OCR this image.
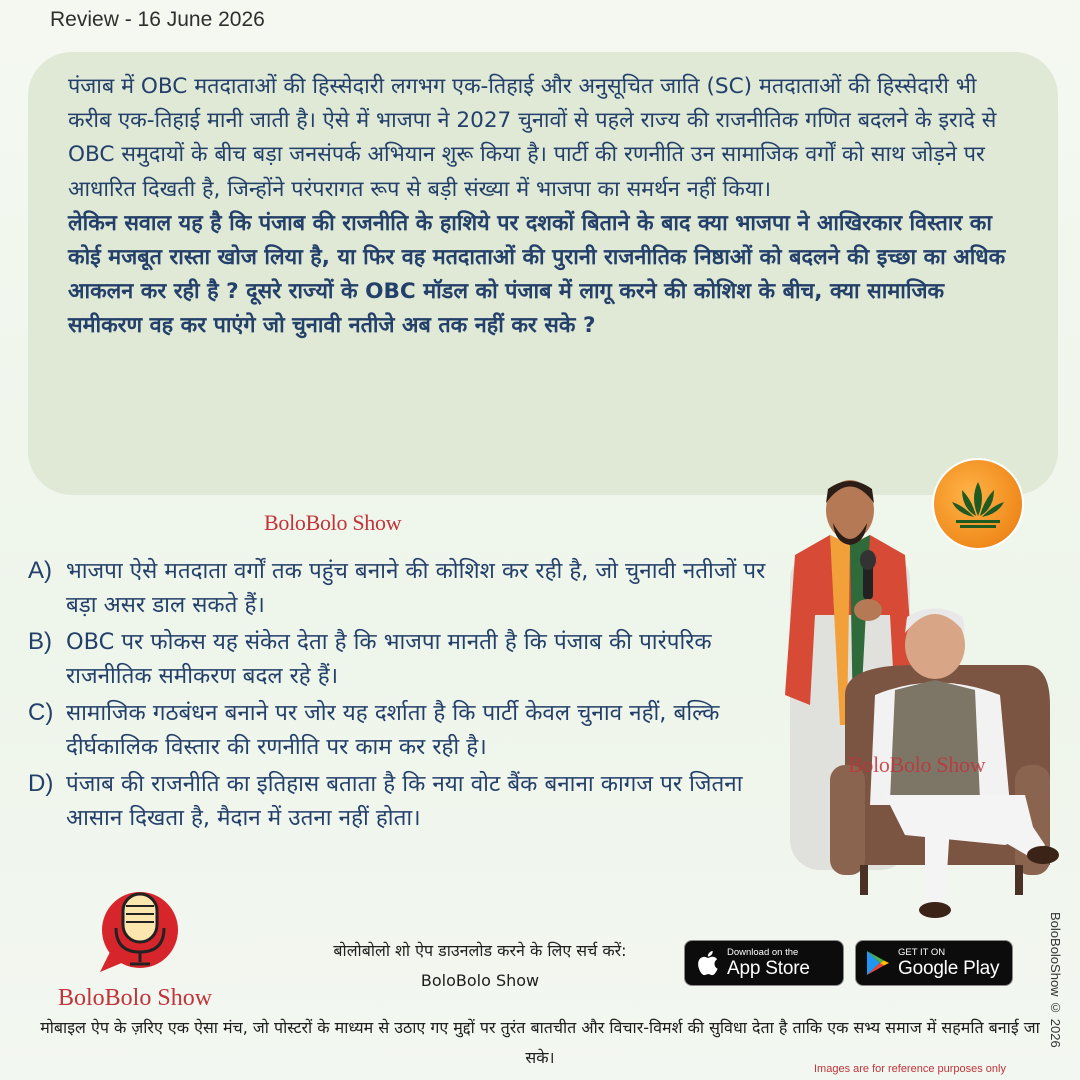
Review - 16 June 2026

पंजाब में OBC मतदाताओं की हिस्सेदारी लगभग एक-तिहाई और अनुसूचित जाति (SC) मतदाताओं की हिस्सेदारी भी करीब एक-तिहाई मानी जाती है। ऐसे में भाजपा ने 2027 चुनावों से पहले राज्य की राजनीतिक गणित बदलने के इरादे से OBC समुदायों के बीच बड़ा जनसंपर्क अभियान शुरू किया है। पार्टी की रणनीति उन सामाजिक वर्गों को साथ जोड़ने पर आधारित दिखती है, जिन्होंने परंपरागत रूप से बड़ी संख्या में भाजपा का समर्थन नहीं किया।

लेकिन सवाल यह है कि पंजाब की राजनीति के हाशिये पर दशकों बिताने के बाद क्या भाजपा ने आखिरकार विस्तार का कोई मजबूत रास्ता खोज लिया है, या फिर वह मतदाताओं की पुरानी राजनीतिक निष्ठाओं को बदलने की इच्छा का अधिक आकलन कर रही है ? दूसरे राज्यों के OBC मॉडल को पंजाब में लागू करने की कोशिश के बीच, क्या सामाजिक समीकरण वह कर पाएंगे जो चुनावी नतीजे अब तक नहीं कर सके ?

BoloBolo Show
A) भाजपा ऐसे मतदाता वर्गों तक पहुंच बनाने की कोशिश कर रही है, जो चुनावी नतीजों पर बड़ा असर डाल सकते हैं।
B) OBC पर फोकस यह संकेत देता है कि भाजपा मानती है कि पंजाब की पारंपरिक राजनीतिक समीकरण बदल रहे हैं।
C) सामाजिक गठबंधन बनाने पर जोर यह दर्शाता है कि पार्टी केवल चुनाव नहीं, बल्कि दीर्घकालिक विस्तार की रणनीति पर काम कर रही है।
D) पंजाब की राजनीति का इतिहास बताता है कि नया वोट बैंक बनाना कागज पर जितना आसान दिखता है, मैदान में उतना नहीं होता।
BoloBolo Show
BoloBoloShow © 2026
BoloBolo Show
बोलोबोलो शो ऐप डाउनलोड करने के लिए सर्च करें:
BoloBolo Show
Download on the
App Store
GET IT ON
Google Play
मोबाइल ऐप के ज़रिए एक ऐसा मंच, जो पोस्टरों के माध्यम से उठाए गए मुद्दों पर तुरंत बातचीत और विचार-विमर्श की सुविधा देता है ताकि एक सभ्य समाज में सहमति बनाई जा सके।
Images are for reference purposes only
